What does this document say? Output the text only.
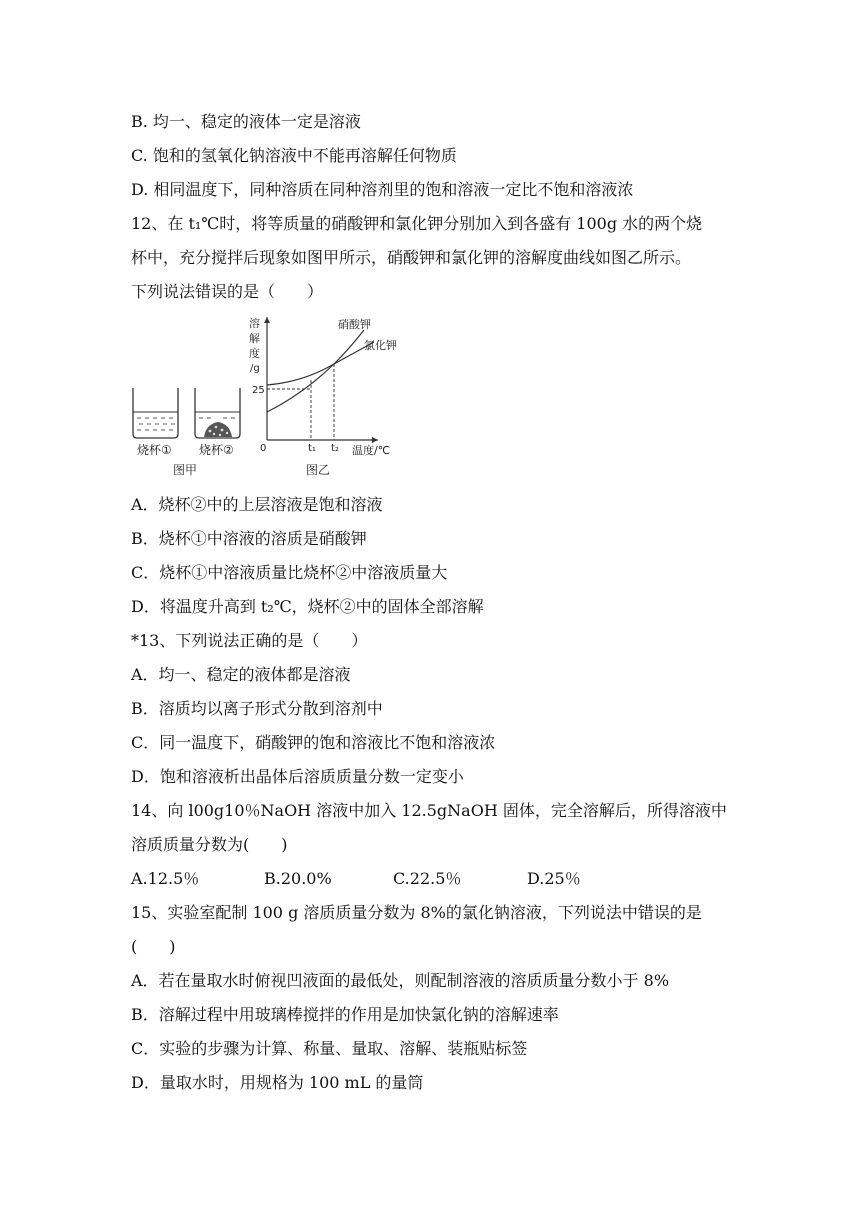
B. 均一、稳定的液体一定是溶液
C. 饱和的氢氧化钠溶液中不能再溶解任何物质
D. 相同温度下，同种溶质在同种溶剂里的饱和溶液一定比不饱和溶液浓
12、在 t₁℃时，将等质量的硝酸钾和氯化钾分别加入到各盛有 100g 水的两个烧
杯中，充分搅拌后现象如图甲所示，硝酸钾和氯化钾的溶解度曲线如图乙所示。
下列说法错误的是（　　）
烧杯① 烧杯②
图甲
溶
解
度
/g
25
0	t₁ t₂ 温度/℃
硝酸钾
氯化钾
图乙
A．烧杯②中的上层溶液是饱和溶液
B．烧杯①中溶液的溶质是硝酸钾
C．烧杯①中溶液质量比烧杯②中溶液质量大
D．将温度升高到 t₂℃，烧杯②中的固体全部溶解
*13、下列说法正确的是（　　）
A．均一、稳定的液体都是溶液
B．溶质均以离子形式分散到溶剂中
C．同一温度下，硝酸钾的饱和溶液比不饱和溶液浓
D．饱和溶液析出晶体后溶质质量分数一定变小
14、向 l00g10％NaOH 溶液中加入 12.5gNaOH 固体，完全溶解后，所得溶液中
溶质质量分数为(　　)
A.12.5％	B.20.0%	C.22.5％	D.25％
15、实验室配制 100 g 溶质质量分数为 8%的氯化钠溶液，下列说法中错误的是
(　　)
A．若在量取水时俯视凹液面的最低处，则配制溶液的溶质质量分数小于 8%
B．溶解过程中用玻璃棒搅拌的作用是加快氯化钠的溶解速率
C．实验的步骤为计算、称量、量取、溶解、装瓶贴标签
D．量取水时，用规格为 100 mL 的量筒
